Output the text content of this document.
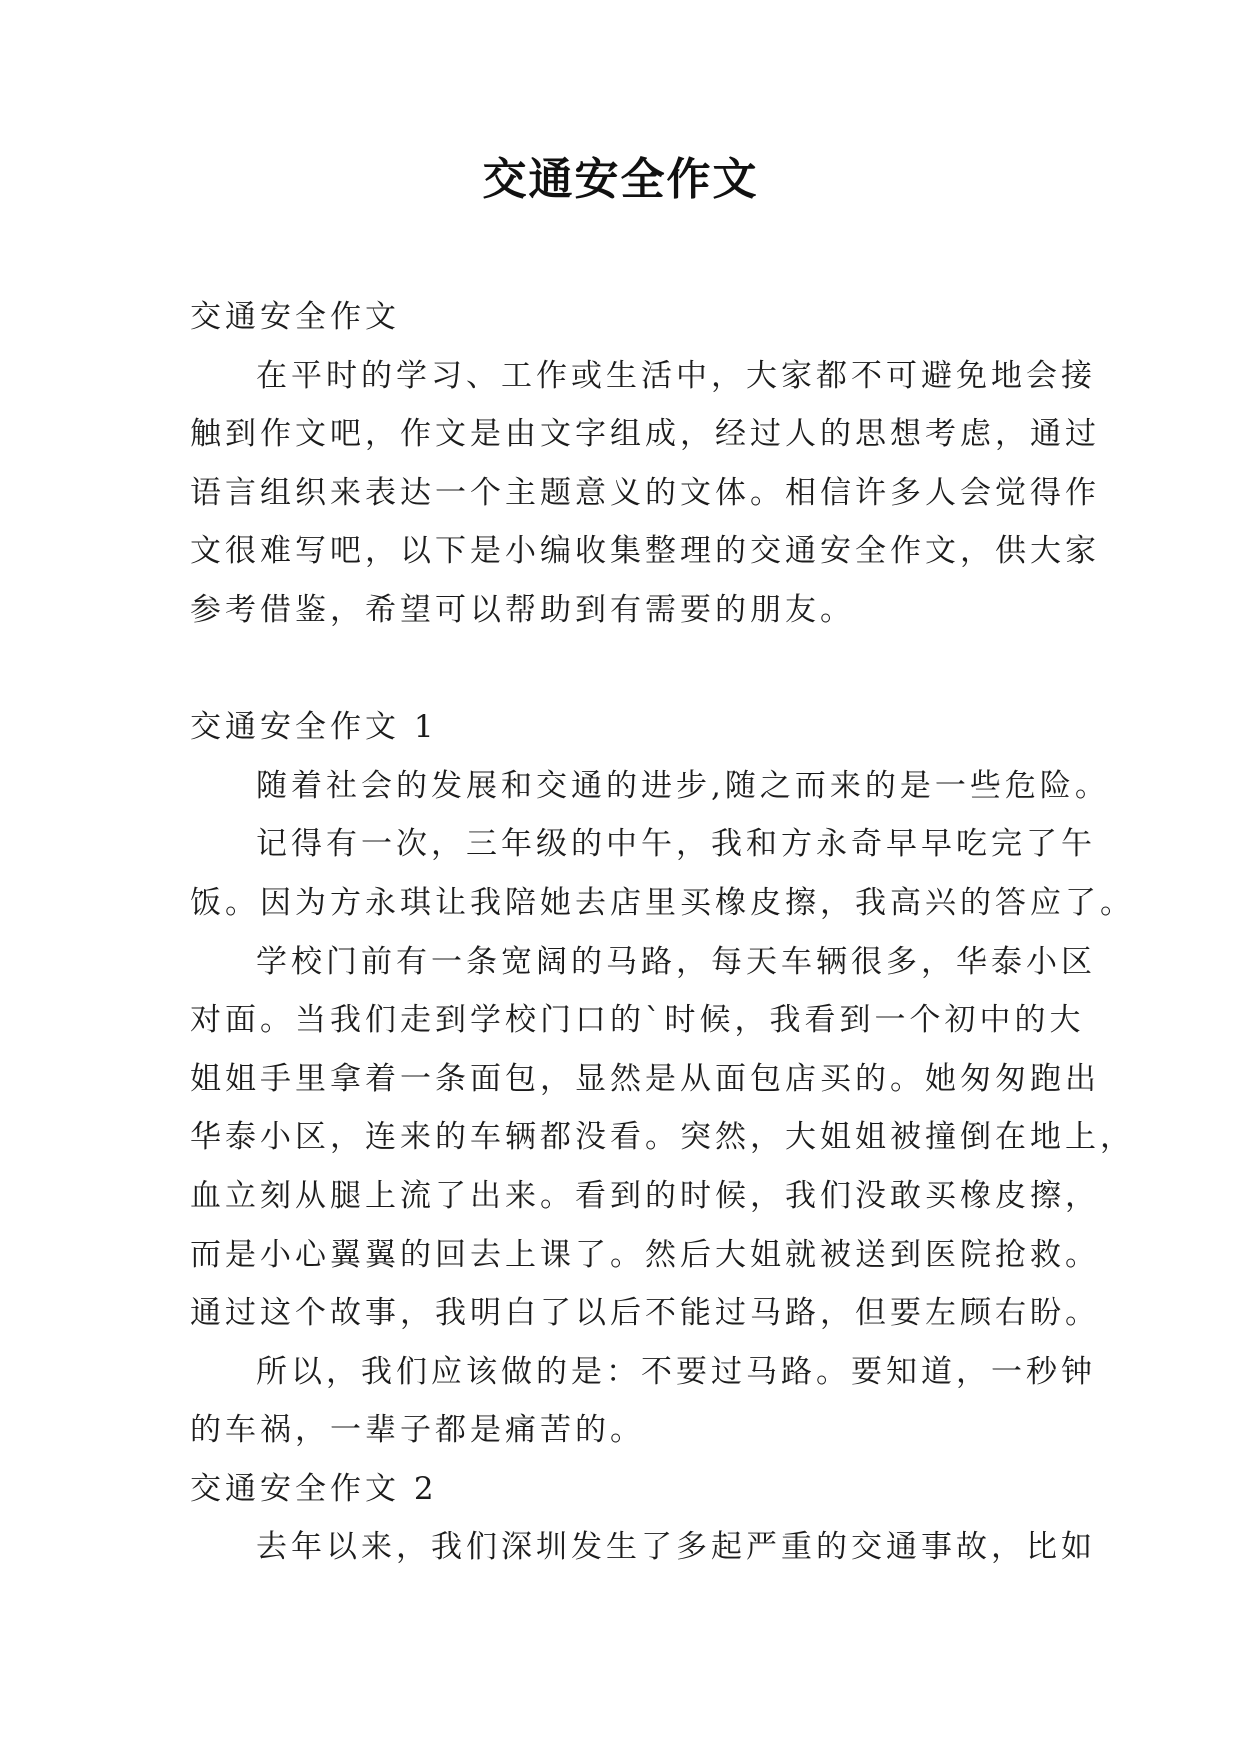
交通安全作文
交通安全作文
在平时的学习、工作或生活中，大家都不可避免地会接
触到作文吧，作文是由文字组成，经过人的思想考虑，通过
语言组织来表达一个主题意义的文体。相信许多人会觉得作
文很难写吧，以下是小编收集整理的交通安全作文，供大家
参考借鉴，希望可以帮助到有需要的朋友。
交通安全作文 1
随着社会的发展和交通的进步,随之而来的是一些危险。
记得有一次，三年级的中午，我和方永奇早早吃完了午
饭。因为方永琪让我陪她去店里买橡皮擦，我高兴的答应了。
学校门前有一条宽阔的马路，每天车辆很多，华泰小区
对面。当我们走到学校门口的`时候，我看到一个初中的大
姐姐手里拿着一条面包，显然是从面包店买的。她匆匆跑出
华泰小区，连来的车辆都没看。突然，大姐姐被撞倒在地上，
血立刻从腿上流了出来。看到的时候，我们没敢买橡皮擦，
而是小心翼翼的回去上课了。然后大姐就被送到医院抢救。
通过这个故事，我明白了以后不能过马路，但要左顾右盼。
所以，我们应该做的是：不要过马路。要知道，一秒钟
的车祸，一辈子都是痛苦的。
交通安全作文 2
去年以来，我们深圳发生了多起严重的交通事故，比如
